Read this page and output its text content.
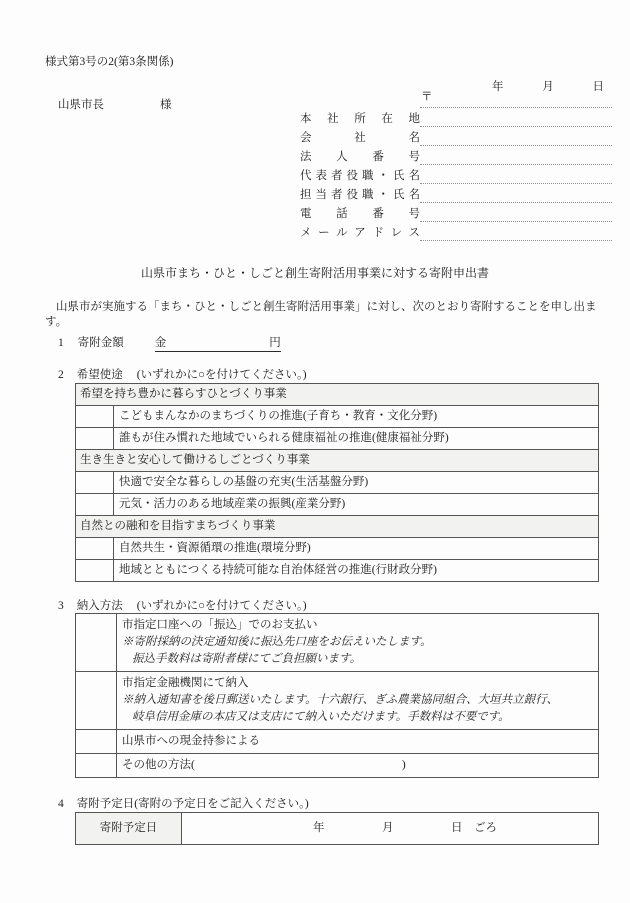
様式第3号の2(第3条関係)
年	月	日
山県市長	様
〒
本社所在地
会社名
法人番号
代表者役職・氏名
担当者役職・氏名
電話番号
メールアドレス
山県市まち・ひと・しごと創生寄附活用事業に対する寄附申出書
山県市が実施する「まち・ひと・しごと創生寄附活用事業」に対し、次のとおり寄附することを申し出ます。
1 寄附金額	金	円
2 希望使途 (いずれかに○を付けてください。)
希望を持ち豊かに暮らすひとづくり事業
こどもまんなかのまちづくりの推進(子育ち・教育・文化分野)
誰もが住み慣れた地域でいられる健康福祉の推進(健康福祉分野)
生き生きと安心して働けるしごとづくり事業
快適で安全な暮らしの基盤の充実(生活基盤分野)
元気・活力のある地域産業の振興(産業分野)
自然との融和を目指すまちづくり事業
自然共生・資源循環の推進(環境分野)
地域とともにつくる持続可能な自治体経営の推進(行財政分野)
3 納入方法 (いずれかに○を付けてください。)
市指定口座への「振込」でのお支払い
※寄附採納の決定通知後に振込先口座をお伝えいたします。
振込手数料は寄附者様にてご負担願います。
市指定金融機関にて納入
※納入通知書を後日郵送いたします。十六銀行、ぎふ農業協同組合、大垣共立銀行、
岐阜信用金庫の本店又は支店にて納入いただけます。手数料は不要です。
山県市への現金持参による
その他の方法(　　　　　　　　　　　　　　　　　　)
4 寄附予定日 (寄附の予定日をご記入ください。)
寄附予定日	年　　　　　月　　　　　日　ごろ
